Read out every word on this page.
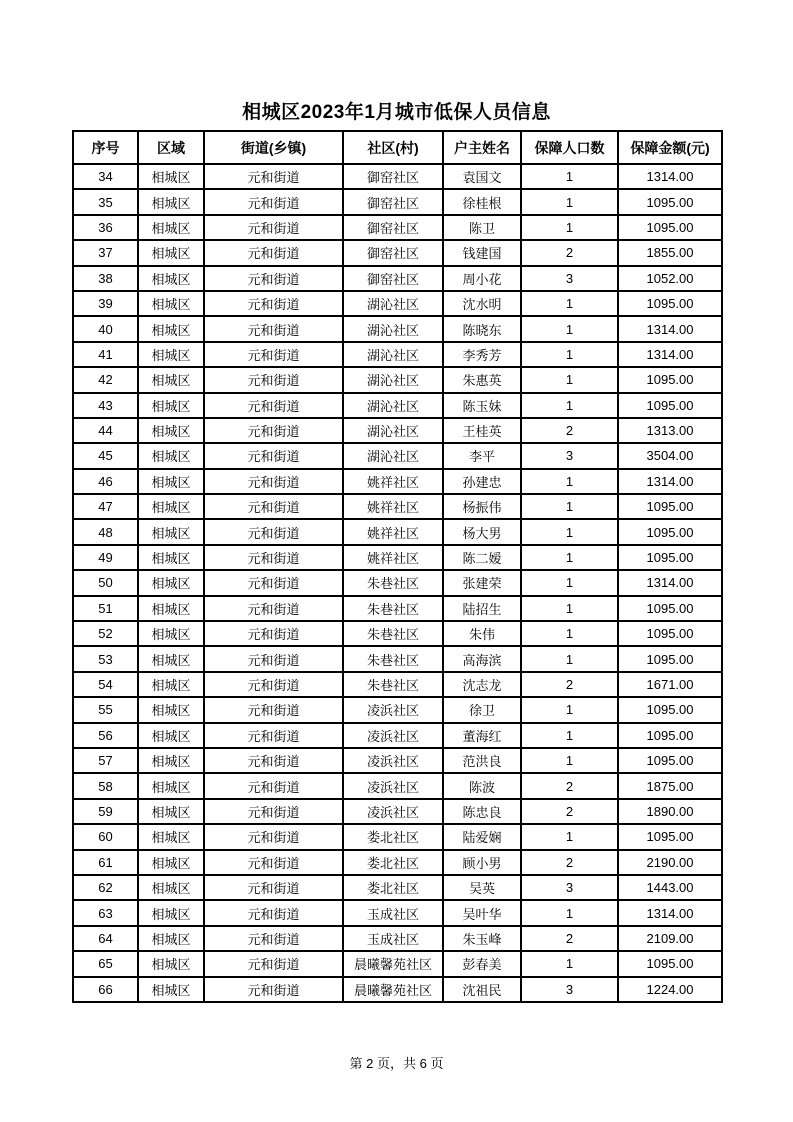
相城区2023年1月城市低保人员信息
序号	区域	街道(乡镇)	社区(村)	户主姓名	保障人口数	保障金额(元)
34	相城区	元和街道	御窑社区	袁国文	1	1314.00
35	相城区	元和街道	御窑社区	徐桂根	1	1095.00
36	相城区	元和街道	御窑社区	陈卫	1	1095.00
37	相城区	元和街道	御窑社区	钱建国	2	1855.00
38	相城区	元和街道	御窑社区	周小花	3	1052.00
39	相城区	元和街道	湖沁社区	沈水明	1	1095.00
40	相城区	元和街道	湖沁社区	陈晓东	1	1314.00
41	相城区	元和街道	湖沁社区	李秀芳	1	1314.00
42	相城区	元和街道	湖沁社区	朱惠英	1	1095.00
43	相城区	元和街道	湖沁社区	陈玉妹	1	1095.00
44	相城区	元和街道	湖沁社区	王桂英	2	1313.00
45	相城区	元和街道	湖沁社区	李平	3	3504.00
46	相城区	元和街道	姚祥社区	孙建忠	1	1314.00
47	相城区	元和街道	姚祥社区	杨振伟	1	1095.00
48	相城区	元和街道	姚祥社区	杨大男	1	1095.00
49	相城区	元和街道	姚祥社区	陈二嫒	1	1095.00
50	相城区	元和街道	朱巷社区	张建荣	1	1314.00
51	相城区	元和街道	朱巷社区	陆招生	1	1095.00
52	相城区	元和街道	朱巷社区	朱伟	1	1095.00
53	相城区	元和街道	朱巷社区	高海滨	1	1095.00
54	相城区	元和街道	朱巷社区	沈志龙	2	1671.00
55	相城区	元和街道	凌浜社区	徐卫	1	1095.00
56	相城区	元和街道	凌浜社区	董海红	1	1095.00
57	相城区	元和街道	凌浜社区	范洪良	1	1095.00
58	相城区	元和街道	凌浜社区	陈波	2	1875.00
59	相城区	元和街道	凌浜社区	陈忠良	2	1890.00
60	相城区	元和街道	娄北社区	陆爱娴	1	1095.00
61	相城区	元和街道	娄北社区	顾小男	2	2190.00
62	相城区	元和街道	娄北社区	吴英	3	1443.00
63	相城区	元和街道	玉成社区	吴叶华	1	1314.00
64	相城区	元和街道	玉成社区	朱玉峰	2	2109.00
65	相城区	元和街道	晨曦馨苑社区	彭春美	1	1095.00
66	相城区	元和街道	晨曦馨苑社区	沈祖民	3	1224.00
第 2 页，共 6 页
